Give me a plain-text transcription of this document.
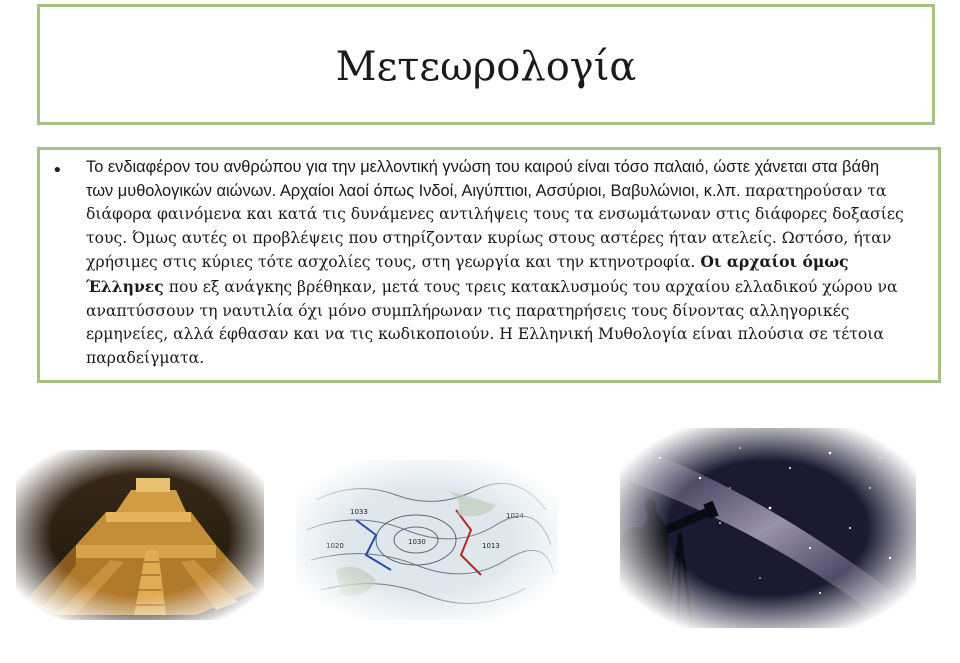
Μετεωρολογία
• Το ενδιαφέρον του ανθρώπου για την μελλοντική γνώση του καιρού είναι τόσο παλαιό, ώστε χάνεται στα βάθη των μυθολογικών αιώνων. Αρχαίοι λαοί όπως Ινδοί, Αιγύπτιοι, Ασσύριοι, Βαβυλώνιοι, κ.λπ. παρατηρούσαν τα διάφορα φαινόμενα και κατά τις δυνάμενες αντιλήψεις τους τα ενσωμάτωναν στις διάφορες δοξασίες τους. Όμως αυτές οι προβλέψεις που στηρίζονταν κυρίως στους αστέρες ήταν ατελείς. Ωστόσο, ήταν χρήσιμες στις κύριες τότε ασχολίες τους, στη γεωργία και την κτηνοτροφία. Οι αρχαίοι όμως Έλληνες που εξ ανάγκης βρέθηκαν, μετά τους τρεις κατακλυσμούς του αρχαίου ελλαδικού χώρου να αναπτύσσουν τη ναυτιλία όχι μόνο συμπλήρωναν τις παρατηρήσεις τους δίνοντας αλληγορικές ερμηνείες, αλλά έφθασαν και να τις κωδικοποιούν. Η Ελληνική Μυθολογία είναι πλούσια σε τέτοια παραδείγματα.
